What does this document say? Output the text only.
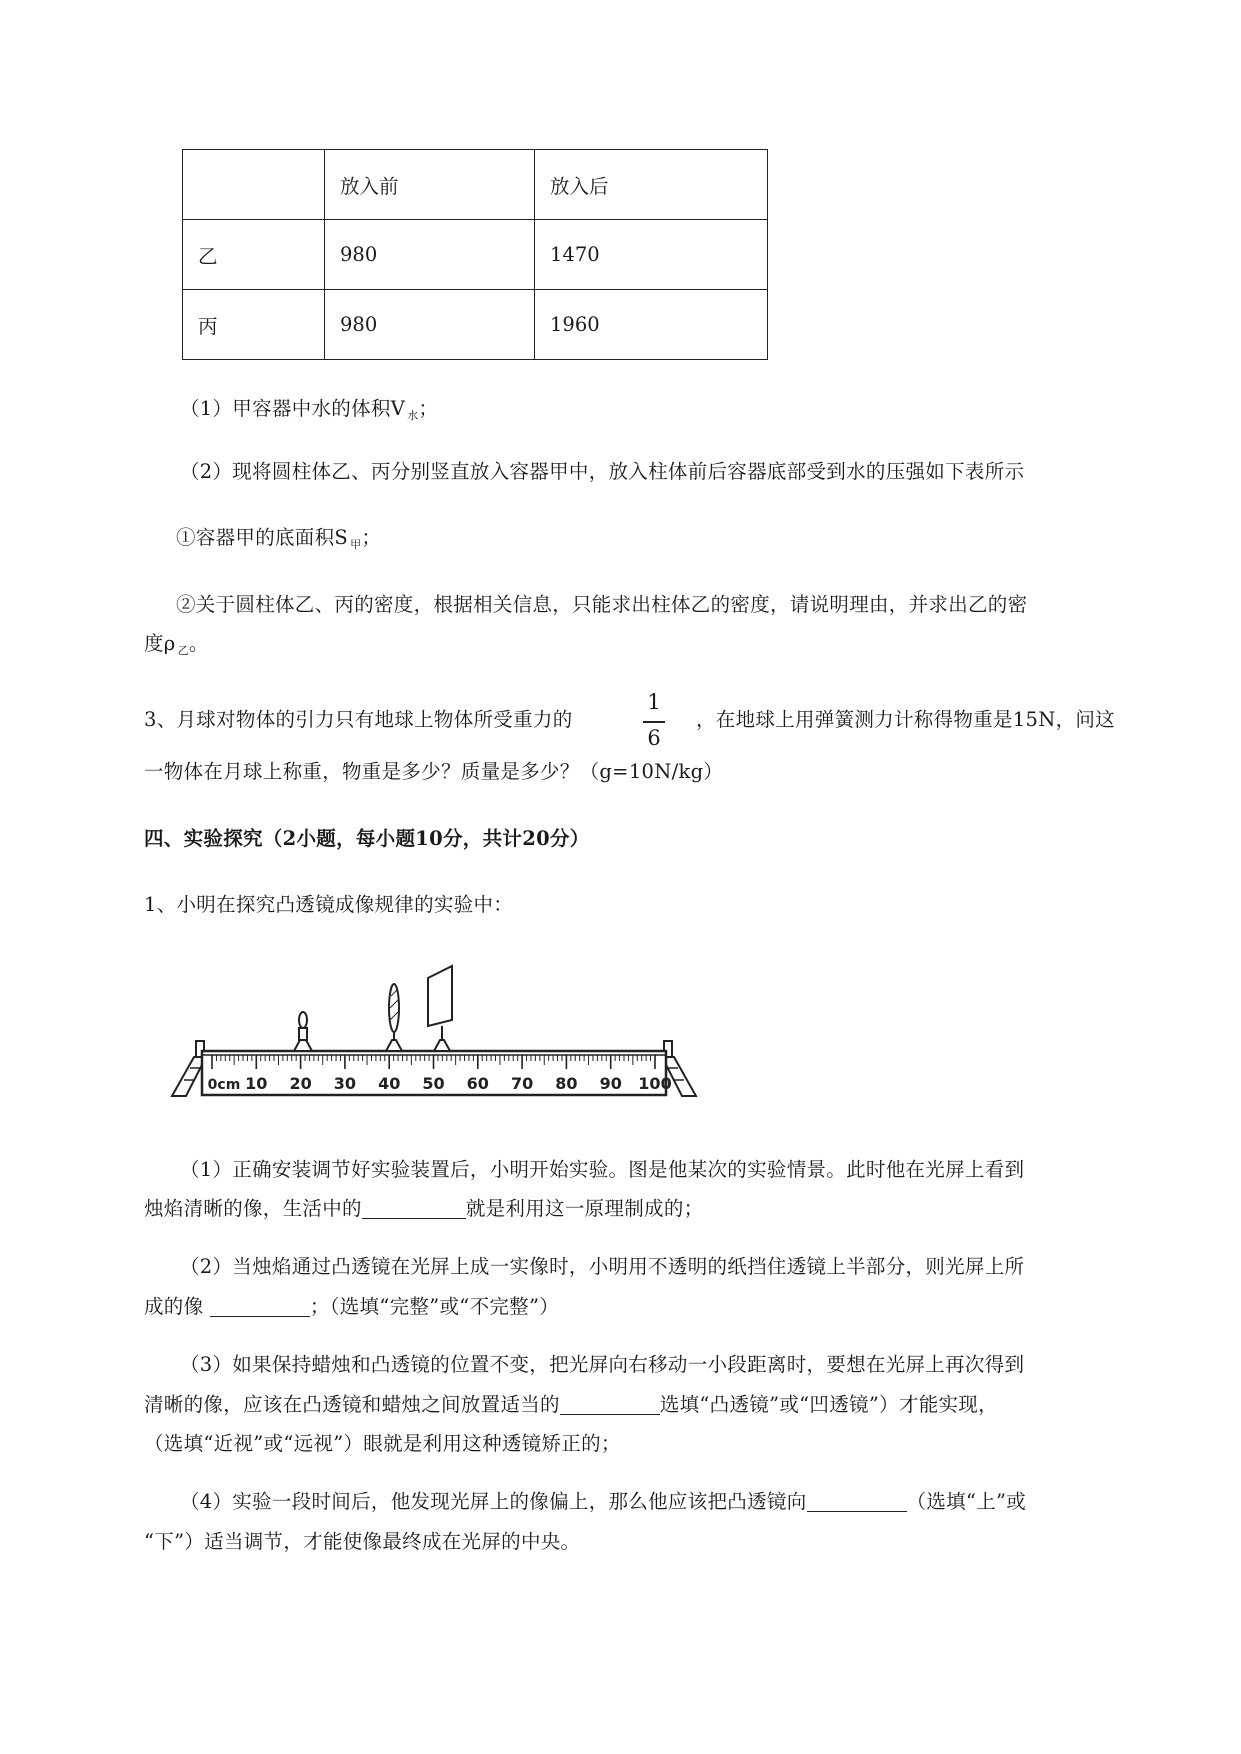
	放入前	放入后
乙	980	1470
丙	980	1960
（1）甲容器中水的体积V $_水$；
（2）现将圆柱体乙、丙分别竖直放入容器甲中，放入柱体前后容器底部受到水的压强如下表所示
①容器甲的底面积S $_甲$；
②关于圆柱体乙、丙的密度，根据相关信息，只能求出柱体乙的密度，请说明理由，并求出乙的密
度ρ $_乙$。
3、月球对物体的引力只有地球上物体所受重力的
1
6
，在地球上用弹簧测力计称得物重是15N，问这
一物体在月球上称重，物重是多少？质量是多少？（g=10N/kg）
四、实验探究（2小题，每小题10分，共计20分）
1、小明在探究凸透镜成像规律的实验中：
0cm 10 20 30 40 50 60 70 80 90 100
（1）正确安装调节好实验装置后，小明开始实验。图是他某次的实验情景。此时他在光屏上看到
烛焰清晰的像，生活中的	就是利用这一原理制成的；
（2）当烛焰通过凸透镜在光屏上成一实像时，小明用不透明的纸挡住透镜上半部分，则光屏上所
成的像	；（选填“完整”或“不完整”）
（3）如果保持蜡烛和凸透镜的位置不变，把光屏向右移动一小段距离时，要想在光屏上再次得到
清晰的像，应该在凸透镜和蜡烛之间放置适当的	选填“凸透镜”或“凹透镜”）才能实现，
（选填“近视”或“远视”）眼就是利用这种透镜矫正的；
（4）实验一段时间后，他发现光屏上的像偏上，那么他应该把凸透镜向	（选填“上”或
“下”）适当调节，才能使像最终成在光屏的中央。
